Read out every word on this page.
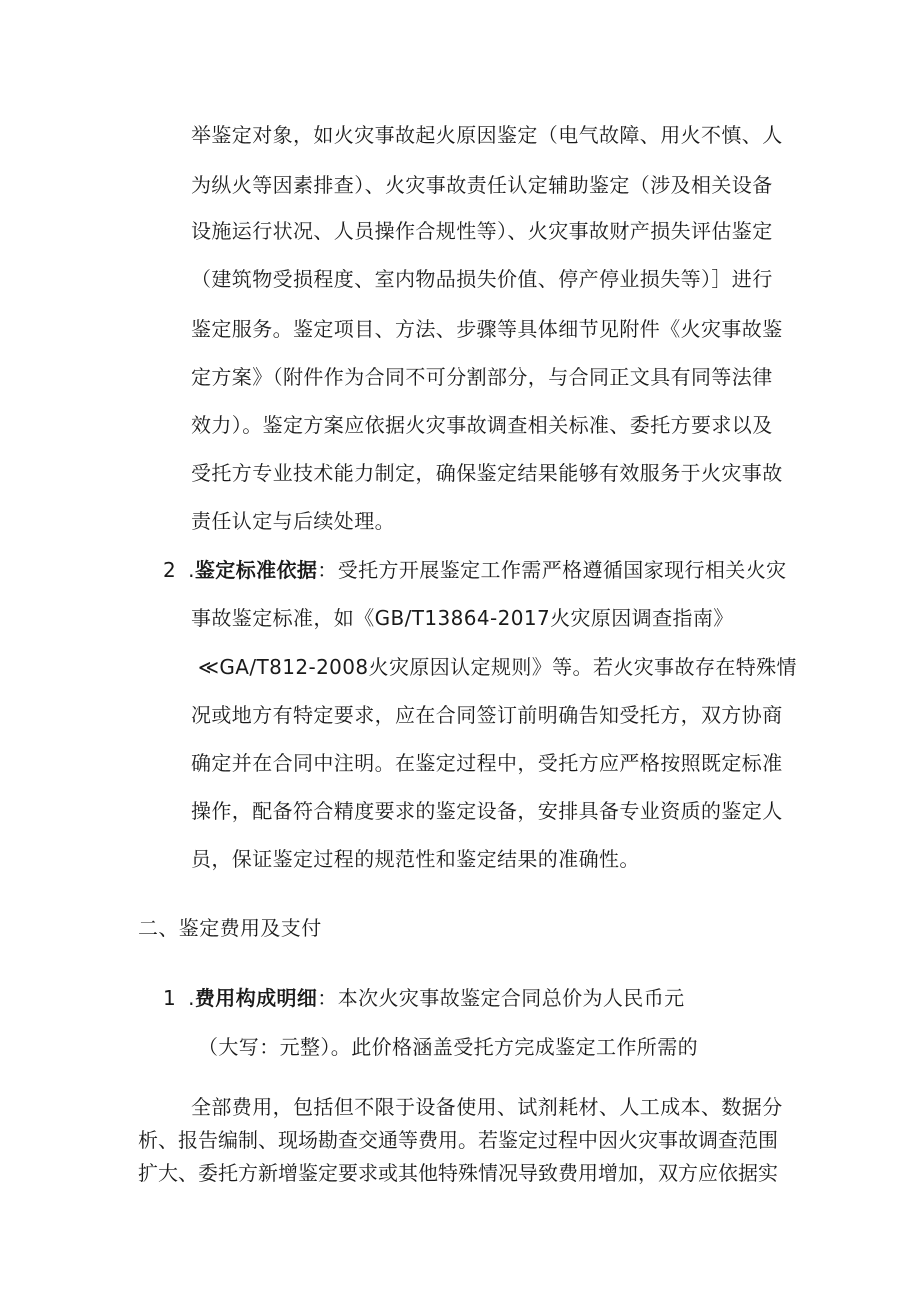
举鉴定对象，如火灾事故起火原因鉴定（电气故障、用火不慎、人
为纵火等因素排查）、火灾事故责任认定辅助鉴定（涉及相关设备
设施运行状况、人员操作合规性等）、火灾事故财产损失评估鉴定
（建筑物受损程度、室内物品损失价值、停产停业损失等）］进行
鉴定服务。鉴定项目、方法、步骤等具体细节见附件《火灾事故鉴
定方案》（附件作为合同不可分割部分，与合同正文具有同等法律
效力）。鉴定方案应依据火灾事故调查相关标准、委托方要求以及
受托方专业技术能力制定，确保鉴定结果能够有效服务于火灾事故
责任认定与后续处理。
2 .鉴定标准依据：受托方开展鉴定工作需严格遵循国家现行相关火灾
事故鉴定标准，如《GB/T13864-2017火灾原因调查指南》
≪GA/T812-2008火灾原因认定规则》等。若火灾事故存在特殊情
况或地方有特定要求，应在合同签订前明确告知受托方，双方协商
确定并在合同中注明。在鉴定过程中，受托方应严格按照既定标准
操作，配备符合精度要求的鉴定设备，安排具备专业资质的鉴定人
员，保证鉴定过程的规范性和鉴定结果的准确性。
二、鉴定费用及支付
1 .费用构成明细：本次火灾事故鉴定合同总价为人民币元
（大写：元整）。此价格涵盖受托方完成鉴定工作所需的
全部费用，包括但不限于设备使用、试剂耗材、人工成本、数据分
析、报告编制、现场勘查交通等费用。若鉴定过程中因火灾事故调查范围
扩大、委托方新增鉴定要求或其他特殊情况导致费用增加，双方应依据实
